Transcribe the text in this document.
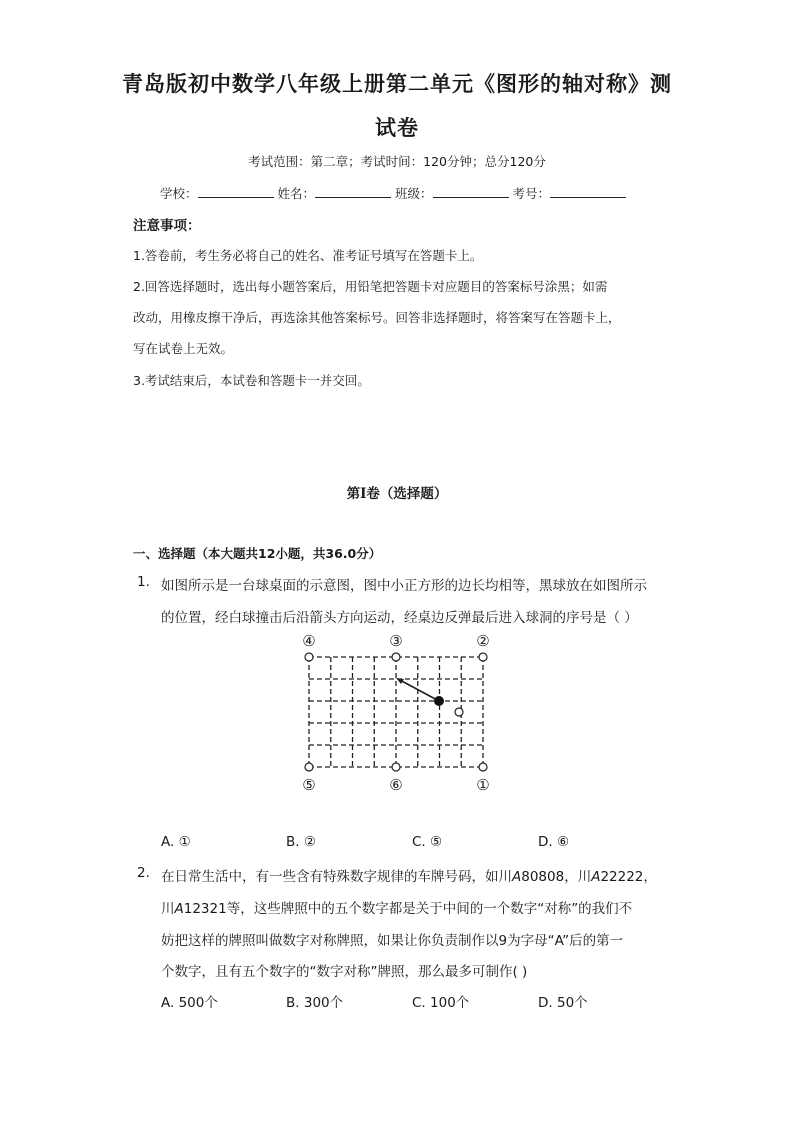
青岛版初中数学八年级上册第二单元《图形的轴对称》测
试卷
考试范围：第二章；考试时间：120分钟；总分120分
学校：	姓名：	班级：	考号：
注意事项：
1.答卷前，考生务必将自己的姓名、准考证号填写在答题卡上。
2.回答选择题时，选出每小题答案后，用铅笔把答题卡对应题目的答案标号涂黑；如需
改动，用橡皮擦干净后，再选涂其他答案标号。回答非选择题时，将答案写在答题卡上，
写在试卷上无效。
3.考试结束后，本试卷和答题卡一并交回。
第I卷（选择题）
一、选择题（本大题共12小题，共36.0分）
1. 如图所示是一台球桌面的示意图，图中小正方形的边长均相等，黑球放在如图所示
的位置，经白球撞击后沿箭头方向运动，经桌边反弹最后进入球洞的序号是（ ）
④	③	②
⑤	⑥	①
A. ①	B. ②	C. ⑤	D. ⑥
2. 在日常生活中，有一些含有特殊数字规律的车牌号码，如川A80808，川A22222，
川A12321等，这些牌照中的五个数字都是关于中间的一个数字“对称”的我们不
妨把这样的牌照叫做数字对称牌照，如果让你负责制作以9为字母“A”后的第一
个数字，且有五个数字的“数字对称”牌照，那么最多可制作( )
A. 500个	B. 300个	C. 100个	D. 50个
